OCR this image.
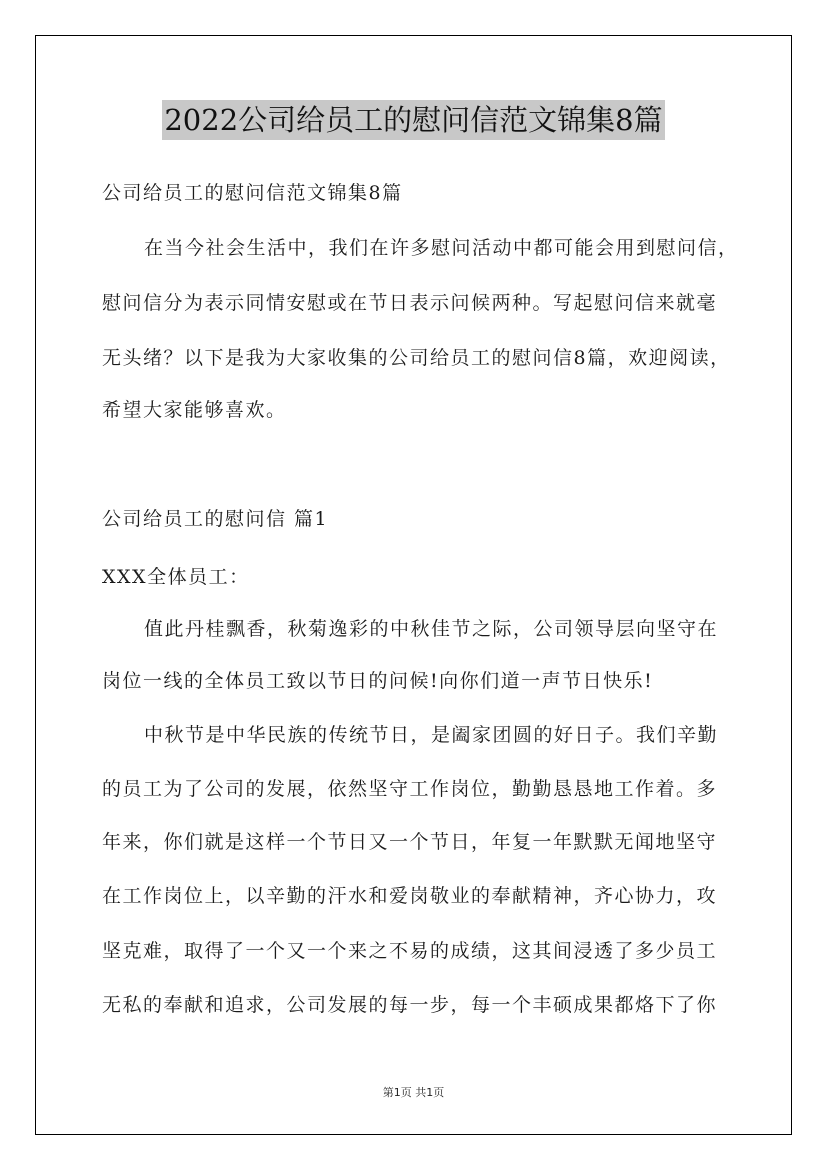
2022公司给员工的慰问信范文锦集8篇
公司给员工的慰问信范文锦集8篇
在当今社会生活中，我们在许多慰问活动中都可能会用到慰问信，
慰问信分为表示同情安慰或在节日表示问候两种。写起慰问信来就毫
无头绪？以下是我为大家收集的公司给员工的慰问信8篇，欢迎阅读，
希望大家能够喜欢。
公司给员工的慰问信 篇1
XXX全体员工：
值此丹桂飘香，秋菊逸彩的中秋佳节之际，公司领导层向坚守在
岗位一线的全体员工致以节日的问候!向你们道一声节日快乐!
中秋节是中华民族的传统节日，是阖家团圆的好日子。我们辛勤
的员工为了公司的发展，依然坚守工作岗位，勤勤恳恳地工作着。多
年来，你们就是这样一个节日又一个节日，年复一年默默无闻地坚守
在工作岗位上，以辛勤的汗水和爱岗敬业的奉献精神，齐心协力，攻
坚克难，取得了一个又一个来之不易的成绩，这其间浸透了多少员工
无私的奉献和追求，公司发展的每一步，每一个丰硕成果都烙下了你
第1页 共1页
